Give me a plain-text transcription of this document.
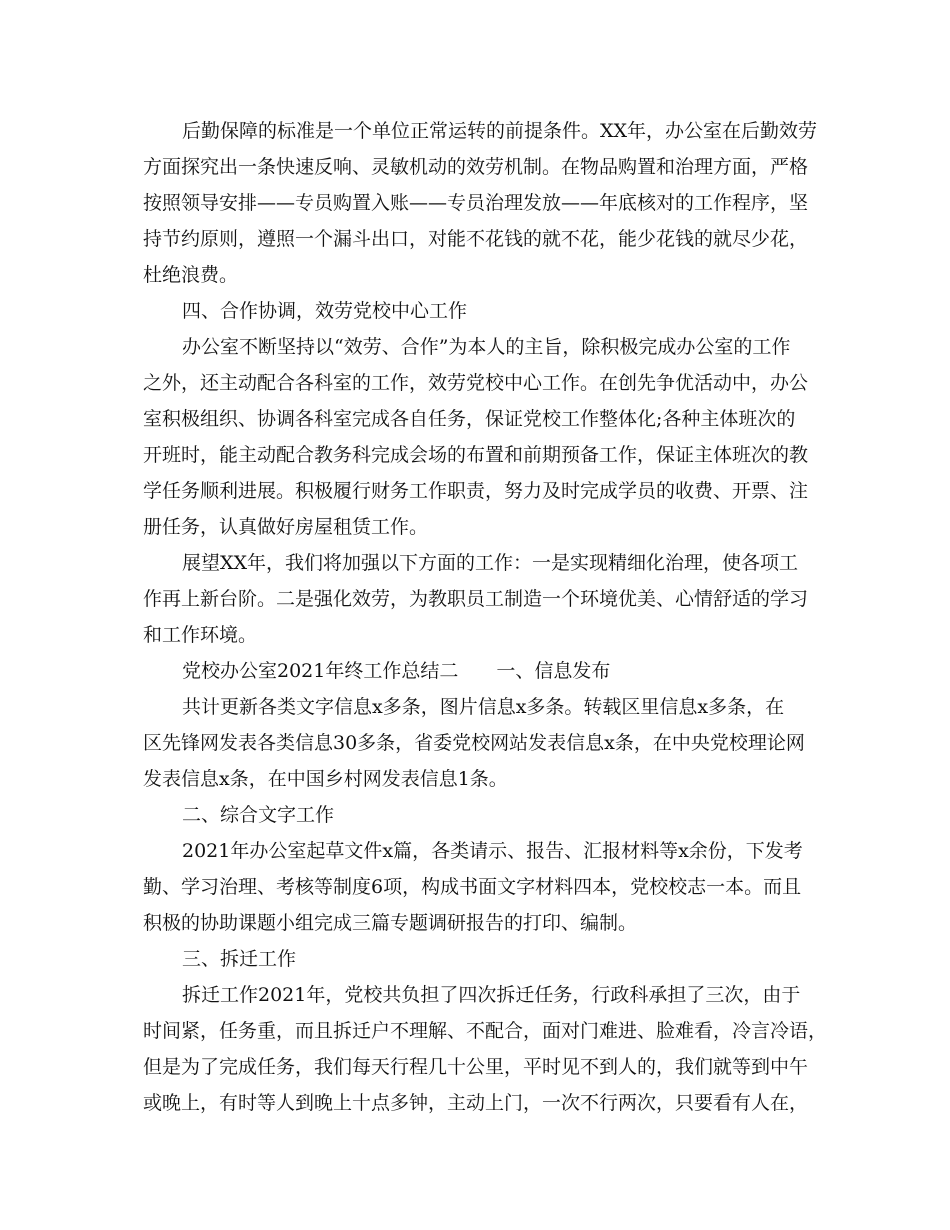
后勤保障的标准是一个单位正常运转的前提条件。XX年，办公室在后勤效劳

方面探究出一条快速反响、灵敏机动的效劳机制。在物品购置和治理方面，严格

按照领导安排——专员购置入账——专员治理发放——年底核对的工作程序，坚

持节约原则，遵照一个漏斗出口，对能不花钱的就不花，能少花钱的就尽少花，

杜绝浪费。

四、合作协调，效劳党校中心工作

办公室不断坚持以“效劳、合作”为本人的主旨，除积极完成办公室的工作

之外，还主动配合各科室的工作，效劳党校中心工作。在创先争优活动中，办公

室积极组织、协调各科室完成各自任务，保证党校工作整体化;各种主体班次的

开班时，能主动配合教务科完成会场的布置和前期预备工作，保证主体班次的教

学任务顺利进展。积极履行财务工作职责，努力及时完成学员的收费、开票、注

册任务，认真做好房屋租赁工作。

展望XX年，我们将加强以下方面的工作：一是实现精细化治理，使各项工

作再上新台阶。二是强化效劳，为教职员工制造一个环境优美、心情舒适的学习

和工作环境。

党校办公室2021年终工作总结二　　一、信息发布

共计更新各类文字信息x多条，图片信息x多条。转载区里信息x多条，在

区先锋网发表各类信息30多条，省委党校网站发表信息x条，在中央党校理论网

发表信息x条，在中国乡村网发表信息1条。

二、综合文字工作

2021年办公室起草文件x篇，各类请示、报告、汇报材料等x余份，下发考

勤、学习治理、考核等制度6项，构成书面文字材料四本，党校校志一本。而且

积极的协助课题小组完成三篇专题调研报告的打印、编制。

三、拆迁工作

拆迁工作2021年，党校共负担了四次拆迁任务，行政科承担了三次，由于

时间紧，任务重，而且拆迁户不理解、不配合，面对门难进、脸难看，冷言冷语，

但是为了完成任务，我们每天行程几十公里，平时见不到人的，我们就等到中午

或晚上，有时等人到晚上十点多钟，主动上门，一次不行两次，只要看有人在，
